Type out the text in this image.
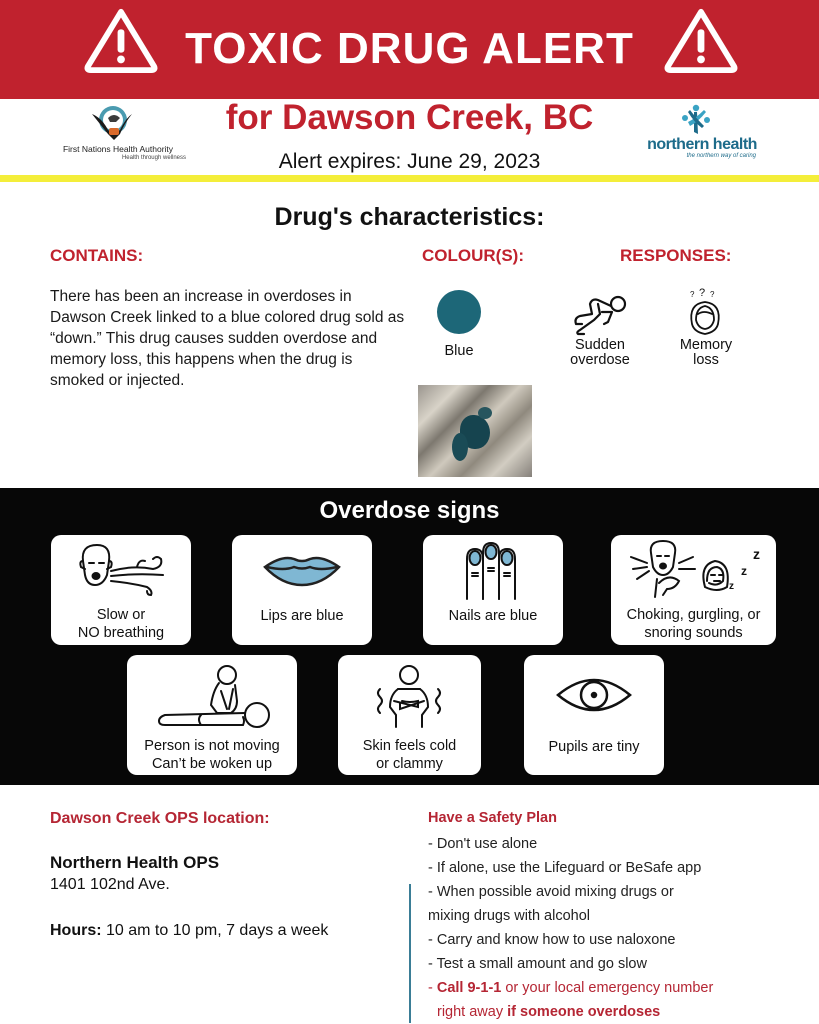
TOXIC DRUG ALERT
First Nations Health Authority
Health through wellness
for Dawson Creek, BC
Alert expires: June 29, 2023
northern health
the northern way of caring
Drug's characteristics:
CONTAINS:	COLOUR(S):	RESPONSES:
There has been an increase in overdoses in Dawson Creek linked to a blue colored drug sold as “down.” This drug causes sudden overdose and memory loss, this happens when the drug is smoked or injected.
Blue
? ? ?
Sudden
overdose
Memory
loss
Overdose signs
Slow or
NO breathing
Lips are blue	Nails are blue
z
z
z
Choking, gurgling, or
snoring sounds
Person is not moving
Can’t be woken up
Skin feels cold
or clammy
Pupils are tiny
Dawson Creek OPS location:
Northern Health OPS
1401 102nd Ave.
Hours: 10 am to 10 pm, 7 days a week
Have a Safety Plan
- Don't use alone
- If alone, use the Lifeguard or BeSafe app
- When possible avoid mixing drugs or
mixing drugs with alcohol
- Carry and know how to use naloxone
- Test a small amount and go slow
- Call 9-1-1 or your local emergency number
right away if someone overdoses
